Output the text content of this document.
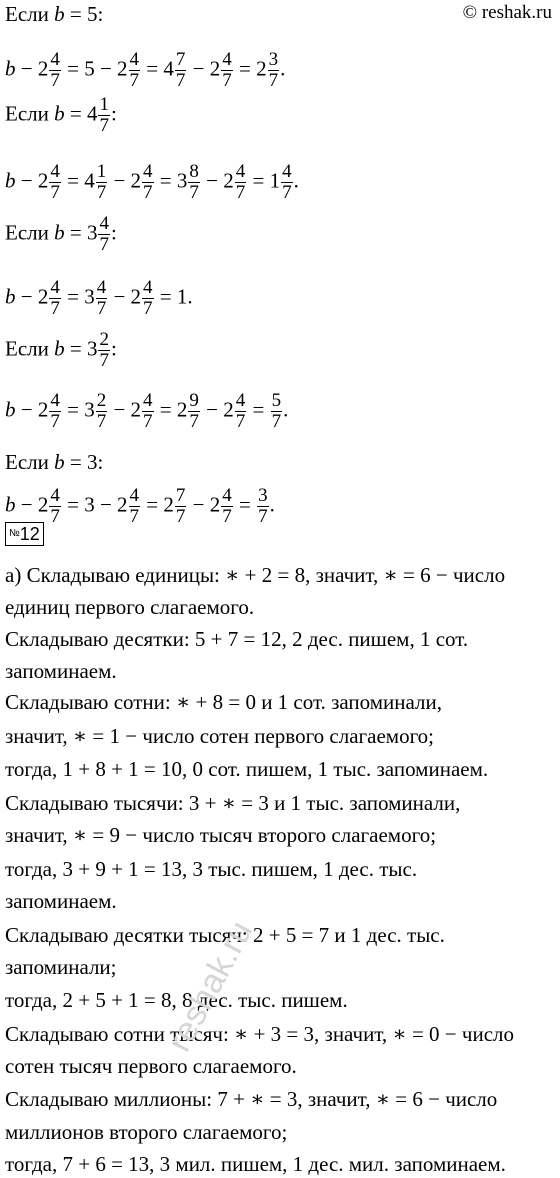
Если b = 5:
$b - 2 \frac{4}{7} = 5 - 2 \frac{4}{7} = 4 \frac{7}{7} - 2 \frac{4}{7} = 2 \frac{3}{7}$ .
Если $b = 4 \frac{1}{7}$ :
$b - 2 \frac{4}{7} = 4 \frac{1}{7} - 2 \frac{4}{7} = 3 \frac{8}{7} - 2 \frac{4}{7} = 1 \frac{4}{7}$ .
Если $b = 3 \frac{4}{7}$ :
$b - 2 \frac{4}{7} = 3 \frac{4}{7} - 2 \frac{4}{7} = 1$.
Если $b = 3 \frac{2}{7}$ :
$b - 2 \frac{4}{7} = 3 \frac{2}{7} - 2 \frac{4}{7} = 2 \frac{9}{7} - 2 \frac{4}{7} = \frac{5}{7}$ .
Если b = 3:
$b - 2 \frac{4}{7} = 3 - 2 \frac{4}{7} = 2 \frac{7}{7} - 2 \frac{4}{7} = \frac{3}{7}$ .
№12
а) Складываю единицы: ∗ + 2 = 8, значит, ∗ = 6 − число
единиц первого слагаемого.
Складываю десятки: 5 + 7 = 12, 2 дес. пишем, 1 сот.
запоминаем.
Складываю сотни: ∗ + 8 = 0 и 1 сот. запоминали,
значит, ∗ = 1 − число сотен первого слагаемого;
тогда, 1 + 8 + 1 = 10, 0 сот. пишем, 1 тыс. запоминаем.
Складываю тысячи: 3 + ∗ = 3 и 1 тыс. запоминали,
значит, ∗ = 9 − число тысяч второго слагаемого;
тогда, 3 + 9 + 1 = 13, 3 тыс. пишем, 1 дес. тыс.
запоминаем.
Складываю десятки тысяч: 2 + 5 = 7 и 1 дес. тыс.
запоминали;
тогда, 2 + 5 + 1 = 8, 8 дес. тыс. пишем.
Складываю сотни тысяч: ∗ + 3 = 3, значит, ∗ = 0 − число
сотен тысяч первого слагаемого.
Складываю миллионы: 7 + ∗ = 3, значит, ∗ = 6 − число
миллионов второго слагаемого;
тогда, 7 + 6 = 13, 3 мил. пишем, 1 дес. мил. запоминаем.
© reshak.ru
reshak.ru
